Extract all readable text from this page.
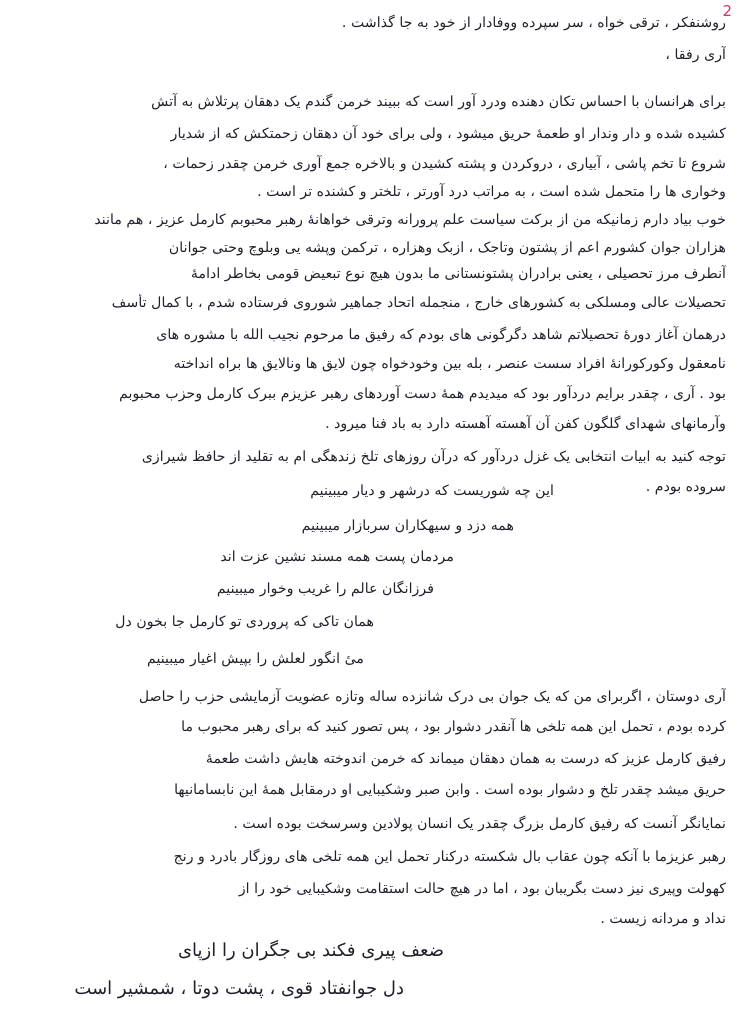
2
روشنفکر ، ترقی خواه ، سر سپرده ووفادار از خود به جا گذاشت .
آری رفقا ،
برای هرانسان با احساس تکان دهنده ودرد آور است که ببیند خرمن گندم یک دهقان پرتلاش به آتش
کشیده شده و دار وندار او طعمهٔ حریق میشود ، ولی برای خود آن دهقان زحمتکش که از شدیار
شروع تا تخم پاشی ، آبیاری ، دروکردن و پشته کشیدن و بالاخره جمع آوری خرمن چقدر زحمات ،
وخواری ها را متحمل شده است ، به مراتب درد آورتر ، تلختر و کشنده تر است .
خوب بیاد دارم زمانیکه من از برکت سیاست علم پرورانه وترقی خواهانهٔ رهبر محبوبم کارمل عزیز ، هم مانند
هزاران جوان کشورم اعم از پشتون وتاجک ، ازبک وهزاره ، ترکمن وپشه یی وبلوچ وحتی جوانان
آنطرف مرز تحصیلی ، یعنی برادران پشتونستانی ما بدون هیچ نوع تبعیض قومی بخاطر ادامهٔ
تحصیلات عالی ومسلکی به کشورهای خارج ، منجمله اتحاد جماهیر شوروی فرستاده شدم ، با کمال تأسف
درهمان آغاز دورهٔ تحصیلاتم شاهد دگرگونی های بودم که رفیق ما مرحوم نجیب الله با مشوره های
نامعقول وکورکورانهٔ افراد سست عنصر ، بله بین وخودخواه چون لایق ها ونالایق ها براه انداخته
بود . آری ، چقدر برایم دردآور بود که میدیدم همهٔ دست آوردهای رهبر عزیزم ببرک کارمل وحزب محبوبم
وآرمانهای شهدای گلگون کفن آن آهسته آهسته دارد به باد فنا میرود .
توجه کنید به ابیات انتخابی یک غزل دردآور که درآن روزهای تلخ زندهگی ام به تقلید از حافظ شیرازی
سروده بودم .
این چه شوریست که درشهر و دیار میبینیم
همه دزد و سیهکاران سربازار میبینیم
مردمان پست همه مسند نشین عزت اند
فرزانگان عالم را غریب وخوار میبینیم
همان تاکی که پروردی تو کارمل جا بخون دل
میٔ انگور لعلش را بپیش اغیار میبینیم
آری دوستان ، اگربرای من که یک جوان بی درک شانزده ساله وتازه عضویت آزمایشی حزب را حاصل
کرده بودم ، تحمل این همه تلخی ها آنقدر دشوار بود ، پس تصور کنید که برای رهبر محبوب ما
رفیق کارمل عزیز که درست به همان دهقان میماند که خرمن اندوخته هایش داشت طعمهٔ
حریق میشد چقدر تلخ و دشوار بوده است . وابن صبر وشکیبایی او درمقابل همهٔ این نابسامانیها
نمایانگر آنست که رفیق کارمل بزرگ چقدر یک انسان پولادین وسرسخت بوده است .
رهبر عزیزما با آنکه چون عقاب بال شکسته درکنار تحمل این همه تلخی های روزگار بادرد و رنج
کهولت وپیری نیز دست بگریبان بود ، اما در هیچ حالت استقامت وشکیبایی خود را از
نداد و مردانه زیست .
ضعف پیری فکند بی جگران را ازپای
دل جوانفتاد قوی ، پشت دوتا ، شمشیر است
